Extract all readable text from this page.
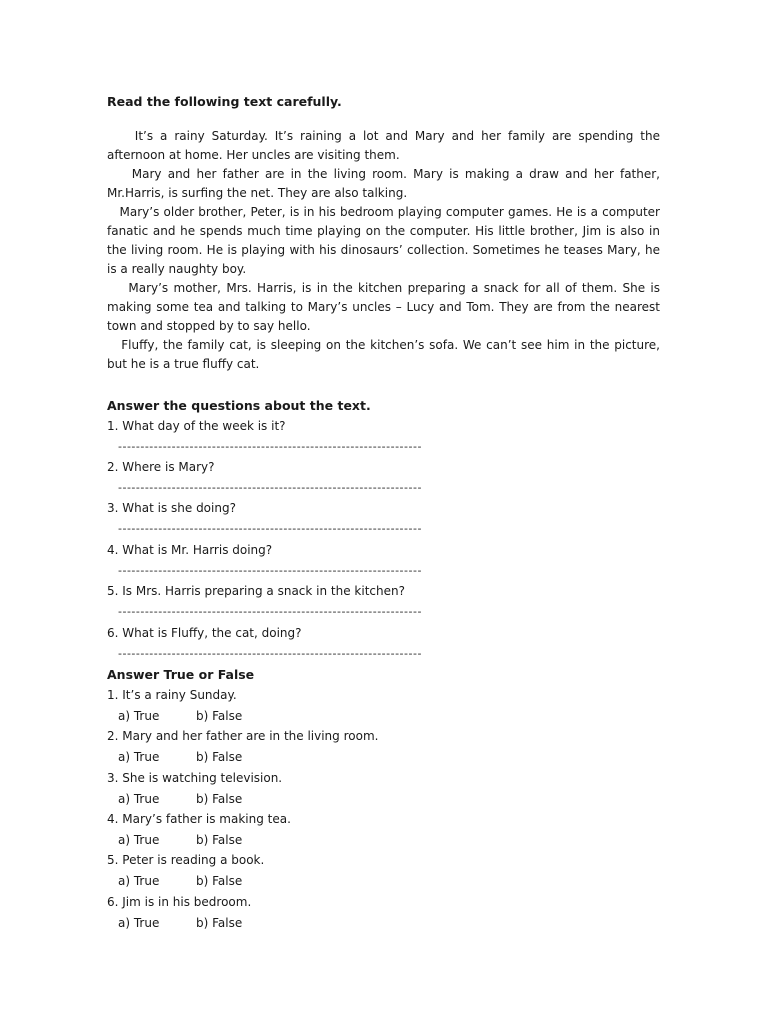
Read the following text carefully.

It’s a rainy Saturday. It’s raining a lot and Mary and her family are spending the afternoon at home. Her uncles are visiting them.

Mary and her father are in the living room. Mary is making a draw and her father, Mr.Harris, is surfing the net. They are also talking.

Mary’s older brother, Peter, is in his bedroom playing computer games. He is a computer fanatic and he spends much time playing on the computer. His little brother, Jim is also in the living room. He is playing with his dinosaurs’ collection. Sometimes he teases Mary, he is a really naughty boy.

Mary’s mother, Mrs. Harris, is in the kitchen preparing a snack for all of them. She is making some tea and talking to Mary’s uncles – Lucy and Tom. They are from the nearest town and stopped by to say hello.

Fluffy, the family cat, is sleeping on the kitchen’s sofa. We can’t see him in the picture, but he is a true fluffy cat.

Answer the questions about the text.
1. What day of the week is it?
--------------------------------------------------------------------
2. Where is Mary?
--------------------------------------------------------------------
3. What is she doing?
--------------------------------------------------------------------
4. What is Mr. Harris doing?
--------------------------------------------------------------------
5. Is Mrs. Harris preparing a snack in the kitchen?
--------------------------------------------------------------------
6. What is Fluffy, the cat, doing?
--------------------------------------------------------------------
Answer True or False
1. It’s a rainy Sunday.
a) True	b) False
2. Mary and her father are in the living room.
a) True	b) False
3. She is watching television.
a) True	b) False
4. Mary’s father is making tea.
a) True	b) False
5. Peter is reading a book.
a) True	b) False
6. Jim is in his bedroom.
a) True	b) False
